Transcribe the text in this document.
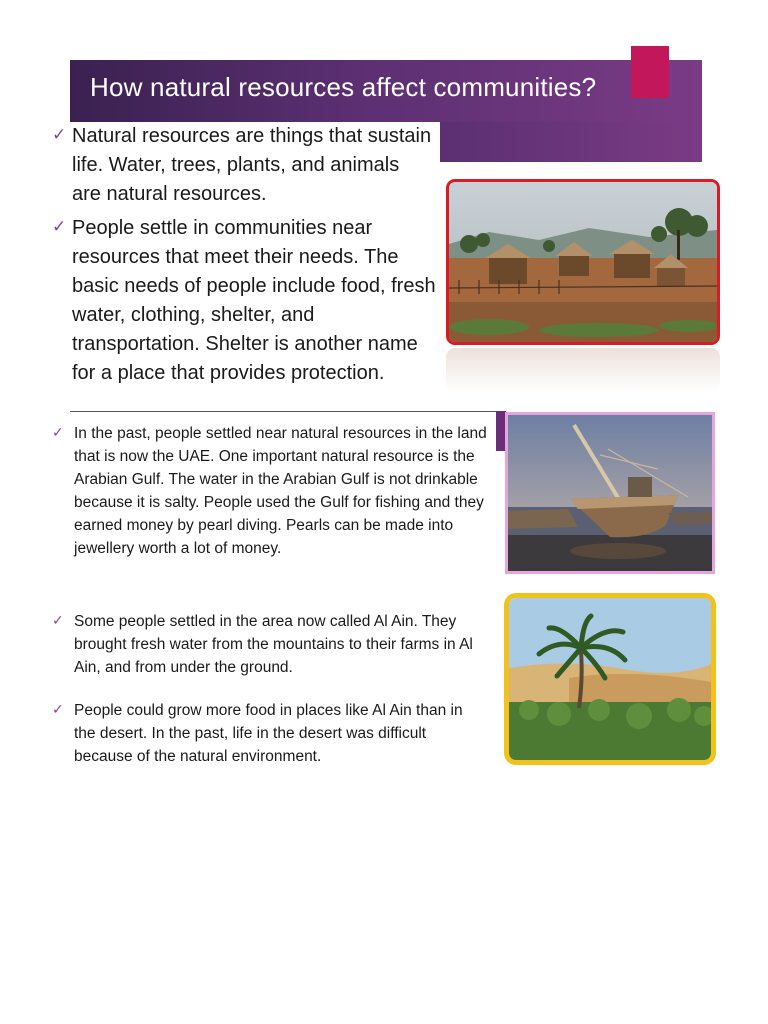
How natural resources affect communities?
✓ Natural resources are things that sustain life. Water, trees, plants, and animals are natural resources.
✓ People settle in communities near resources that meet their needs. The basic needs of people include food, fresh water, clothing, shelter, and transportation. Shelter is another name for a place that provides protection.
✓ In the past, people settled near natural resources in the land that is now the UAE. One important natural resource is the Arabian Gulf. The water in the Arabian Gulf is not drinkable because it is salty. People used the Gulf for fishing and they earned money by pearl diving. Pearls can be made into jewellery worth a lot of money.
✓ Some people settled in the area now called Al Ain. They brought fresh water from the mountains to their farms in Al Ain, and from under the ground.
✓ People could grow more food in places like Al Ain than in the desert. In the past, life in the desert was difficult because of the natural environment.
